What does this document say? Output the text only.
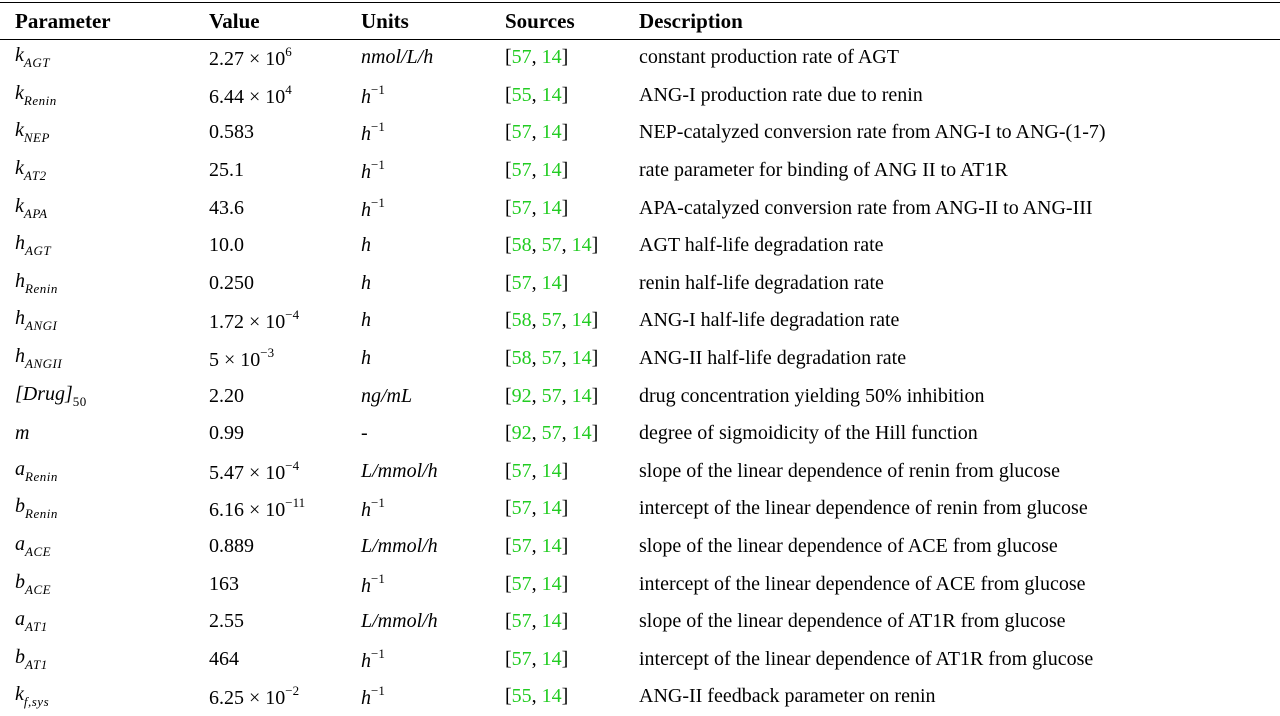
Parameter	Value	Units	Sources	Description
$k_{AGT}$	$2.27 \times 10^6$	nmol/L/h	[57, 14]	constant production rate of AGT
$k_{Renin}$	$6.44 \times 10^4$	$h^{-1}$	[55, 14]	ANG-I production rate due to renin
$k_{NEP}$	0.583	$h^{-1}$	[57, 14]	NEP-catalyzed conversion rate from ANG-I to ANG-(1-7)
$k_{AT2}$	25.1	$h^{-1}$	[57, 14]	rate parameter for binding of ANG II to AT1R
$k_{APA}$	43.6	$h^{-1}$	[57, 14]	APA-catalyzed conversion rate from ANG-II to ANG-III
$h_{AGT}$	10.0	h	[58, 57, 14]	AGT half-life degradation rate
$h_{Renin}$	0.250	h	[57, 14]	renin half-life degradation rate
$h_{ANGI}$	$1.72 \times 10^{-4}$	h	[58, 57, 14]	ANG-I half-life degradation rate
$h_{ANGII}$	$5 \times 10^{-3}$	h	[58, 57, 14]	ANG-II half-life degradation rate
$[Drug]_{50}$	2.20	ng/mL	[92, 57, 14]	drug concentration yielding 50% inhibition
m	0.99	-	[92, 57, 14]	degree of sigmoidicity of the Hill function
$a_{Renin}$	$5.47 \times 10^{-4}$	L/mmol/h	[57, 14]	slope of the linear dependence of renin from glucose
$b_{Renin}$	$6.16 \times 10^{-11}$	$h^{-1}$	[57, 14]	intercept of the linear dependence of renin from glucose
$a_{ACE}$	0.889	L/mmol/h	[57, 14]	slope of the linear dependence of ACE from glucose
$b_{ACE}$	163	$h^{-1}$	[57, 14]	intercept of the linear dependence of ACE from glucose
$a_{AT1}$	2.55	L/mmol/h	[57, 14]	slope of the linear dependence of AT1R from glucose
$b_{AT1}$	464	$h^{-1}$	[57, 14]	intercept of the linear dependence of AT1R from glucose
$k_{f,sys}$	$6.25 \times 10^{-2}$	$h^{-1}$	[55, 14]	ANG-II feedback parameter on renin
